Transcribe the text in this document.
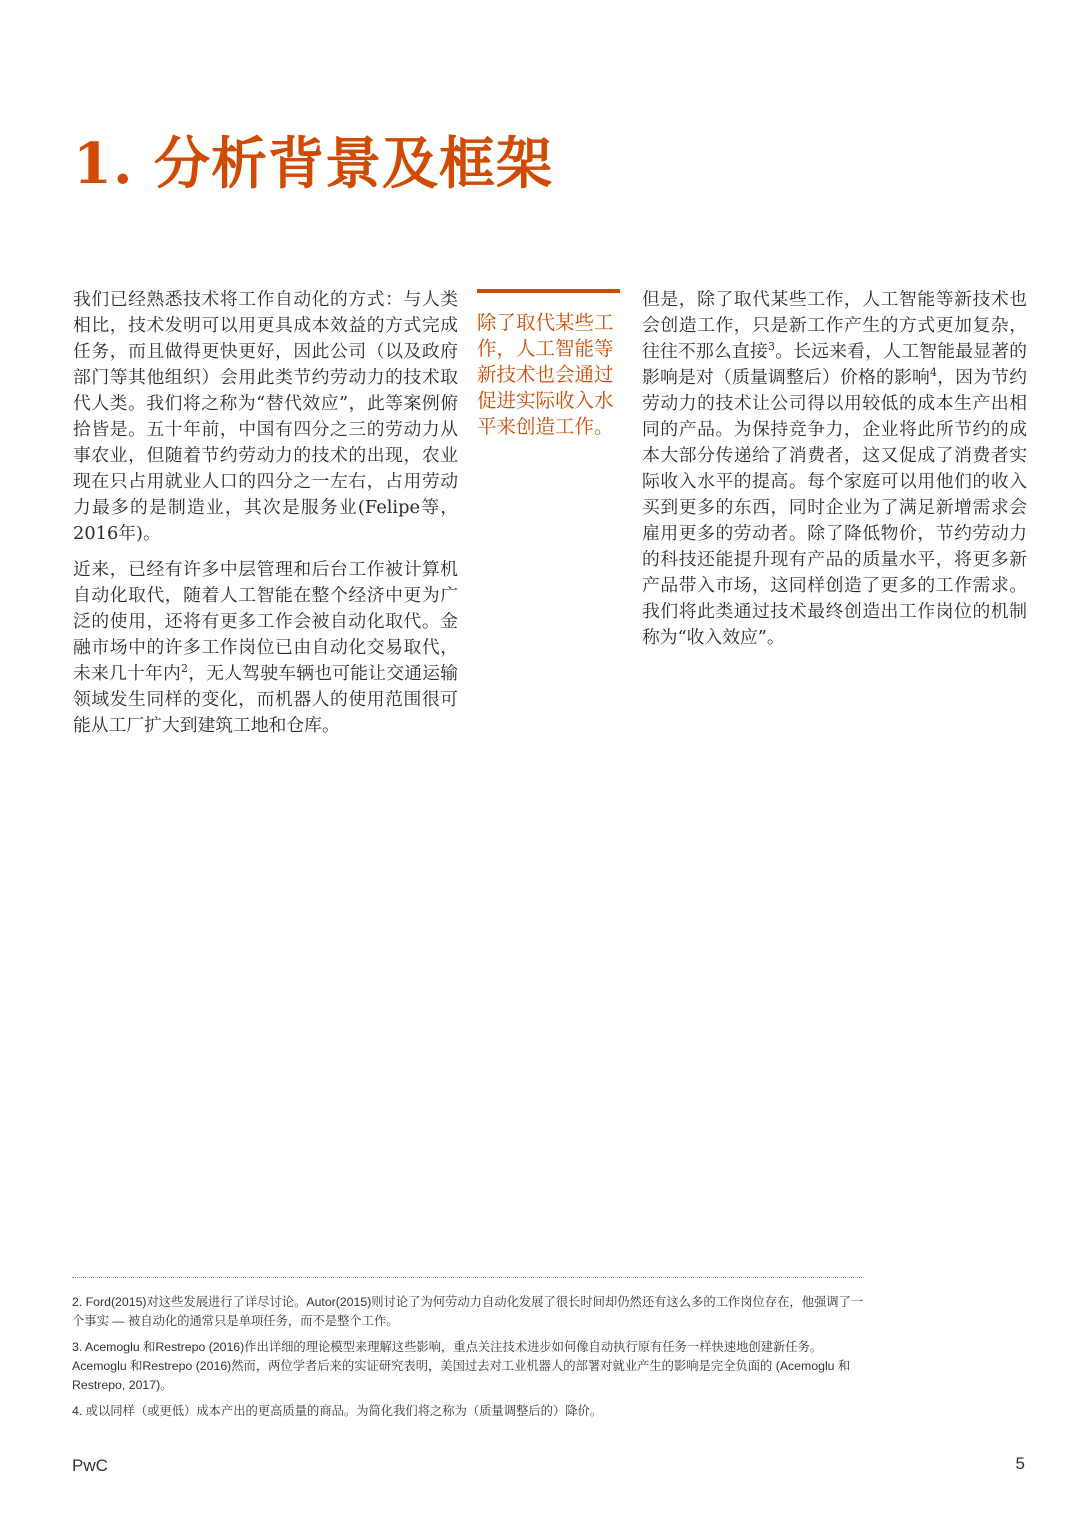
1. 分析背景及框架

我们已经熟悉技术将工作自动化的方式：与人类相比，技术发明可以用更具成本效益的方式完成任务，而且做得更快更好，因此公司（以及政府部门等其他组织）会用此类节约劳动力的技术取代人类。我们将之称为“替代效应”，此等案例俯拾皆是。五十年前，中国有四分之三的劳动力从事农业，但随着节约劳动力的技术的出现，农业现在只占用就业人口的四分之一左右，占用劳动力最多的是制造业，其次是服务业(Felipe等，2016年)。

近来，已经有许多中层管理和后台工作被计算机自动化取代，随着人工智能在整个经济中更为广泛的使用，还将有更多工作会被自动化取代。金融市场中的许多工作岗位已由自动化交易取代，未来几十年内$^2$，无人驾驶车辆也可能让交通运输领域发生同样的变化，而机器人的使用范围很可能从工厂扩大到建筑工地和仓库。

除了取代某些工作，人工智能等新技术也会通过促进实际收入水平来创造工作。

但是，除了取代某些工作，人工智能等新技术也会创造工作，只是新工作产生的方式更加复杂，往往不那么直接$^3$。长远来看，人工智能最显著的影响是对（质量调整后）价格的影响$^4$，因为节约劳动力的技术让公司得以用较低的成本生产出相同的产品。为保持竞争力，企业将此所节约的成本大部分传递给了消费者，这又促成了消费者实际收入水平的提高。每个家庭可以用他们的收入买到更多的东西，同时企业为了满足新增需求会雇用更多的劳动者。除了降低物价，节约劳动力的科技还能提升现有产品的质量水平，将更多新产品带入市场，这同样创造了更多的工作需求。我们将此类通过技术最终创造出工作岗位的机制称为“收入效应”。

2. Ford(2015)对这些发展进行了详尽讨论。Autor(2015)则讨论了为何劳动力自动化发展了很长时间却仍然还有这么多的工作岗位存在，他强调了一个事实 — 被自动化的通常只是单项任务，而不是整个工作。

3. Acemoglu 和Restrepo (2016)作出详细的理论模型来理解这些影响，重点关注技术进步如何像自动执行原有任务一样快速地创建新任务。Acemoglu 和Restrepo (2016)然而，两位学者后来的实证研究表明，美国过去对工业机器人的部署对就业产生的影响是完全负面的 (Acemoglu 和 Restrepo, 2017)。

4. 或以同样（或更低）成本产出的更高质量的商品。为简化我们将之称为（质量调整后的）降价。

PwC	5
